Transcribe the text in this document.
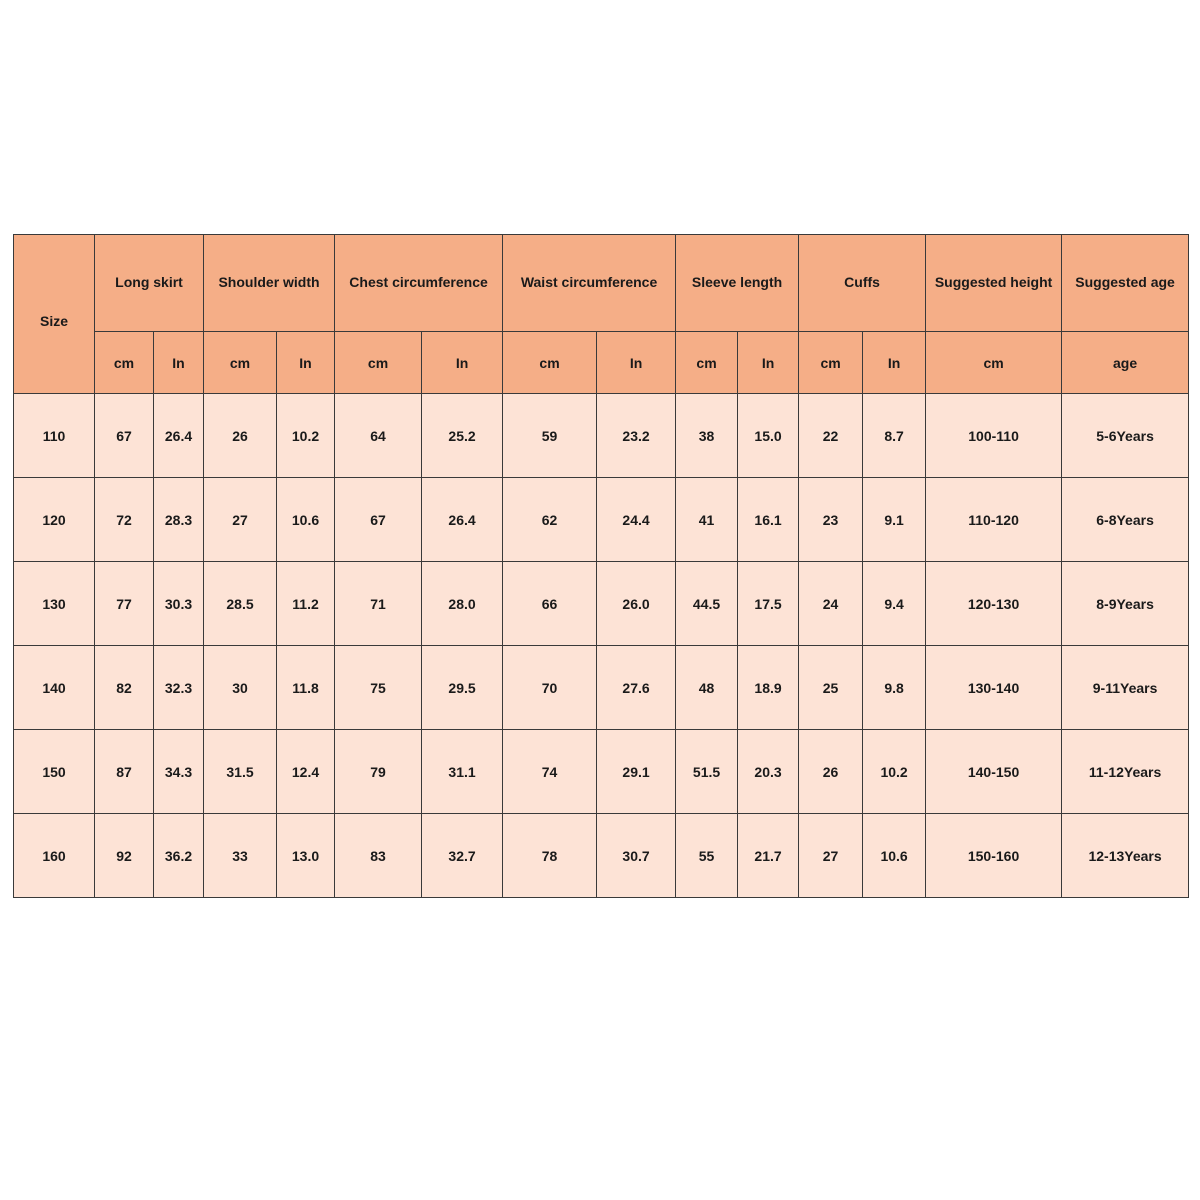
Size	Long skirt		Shoulder width		Chest circumference		Waist circumference		Sleeve length		Cuffs		Suggested height	Suggested age
	cm	In	cm	In	cm	In	cm	In	cm	In	cm	In	cm	age
110	67	26.4	26	10.2	64	25.2	59	23.2	38	15.0	22	8.7	100-110	5-6Years
120	72	28.3	27	10.6	67	26.4	62	24.4	41	16.1	23	9.1	110-120	6-8Years
130	77	30.3	28.5	11.2	71	28.0	66	26.0	44.5	17.5	24	9.4	120-130	8-9Years
140	82	32.3	30	11.8	75	29.5	70	27.6	48	18.9	25	9.8	130-140	9-11Years
150	87	34.3	31.5	12.4	79	31.1	74	29.1	51.5	20.3	26	10.2	140-150	11-12Years
160	92	36.2	33	13.0	83	32.7	78	30.7	55	21.7	27	10.6	150-160	12-13Years
